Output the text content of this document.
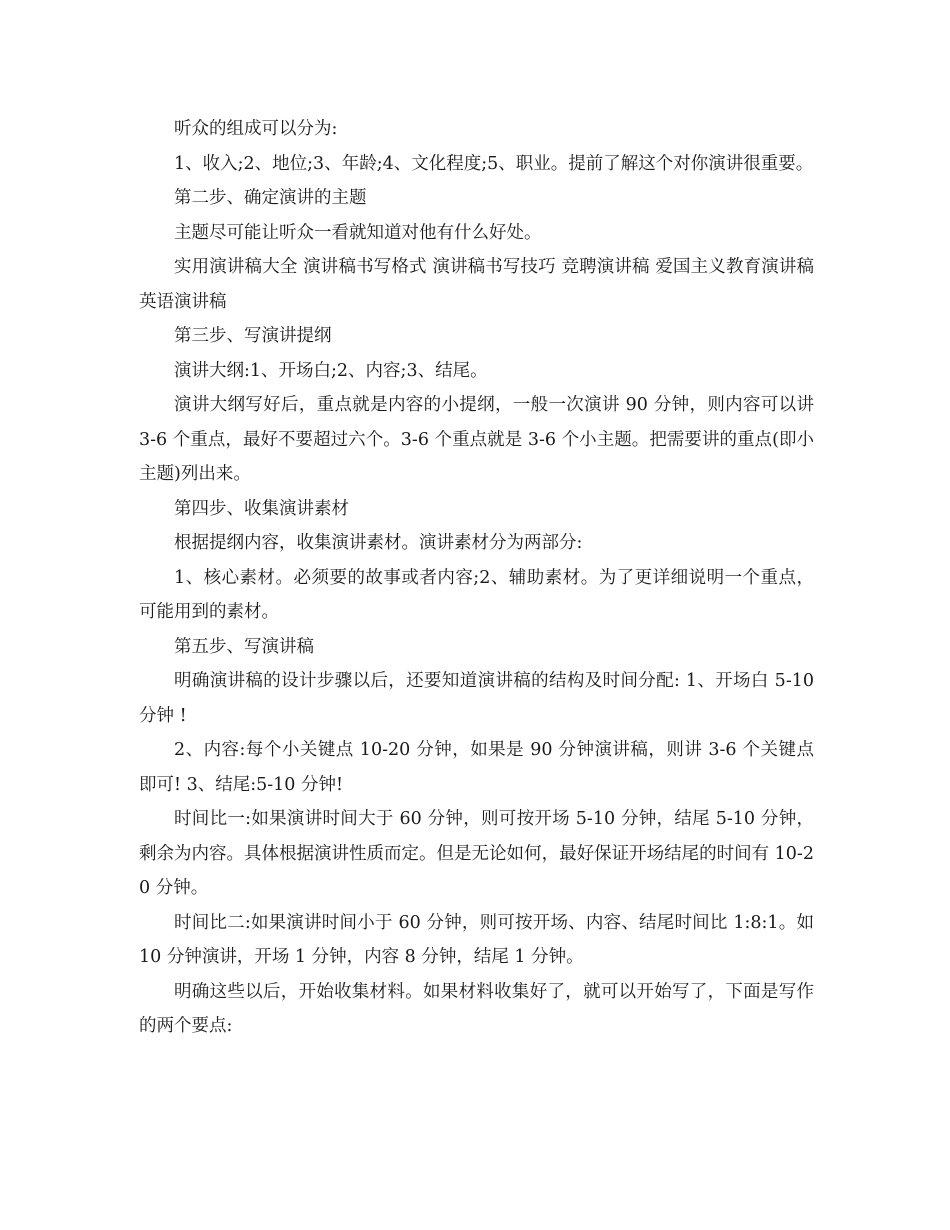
听众的组成可以分为:

1、收入;2、地位;3、年龄;4、文化程度;5、职业。提前了解这个对你演讲很重要。

第二步、确定演讲的主题

主题尽可能让听众一看就知道对他有什么好处。

实用演讲稿大全 演讲稿书写格式 演讲稿书写技巧 竞聘演讲稿 爱国主义教育演讲稿 英语演讲稿

第三步、写演讲提纲

演讲大纲:1、开场白;2、内容;3、结尾。

演讲大纲写好后，重点就是内容的小提纲，一般一次演讲 90 分钟，则内容可以讲 3-6 个重点，最好不要超过六个。3-6 个重点就是 3-6 个小主题。把需要讲的重点(即小主题)列出来。

第四步、收集演讲素材

根据提纲内容，收集演讲素材。演讲素材分为两部分:

1、核心素材。必须要的故事或者内容;2、辅助素材。为了更详细说明一个重点，可能用到的素材。

第五步、写演讲稿

明确演讲稿的设计步骤以后，还要知道演讲稿的结构及时间分配: 1、开场白 5-10 分钟 !

2、内容:每个小关键点 10-20 分钟，如果是 90 分钟演讲稿，则讲 3-6 个关键点即可! 3、结尾:5-10 分钟!

时间比一:如果演讲时间大于 60 分钟，则可按开场 5-10 分钟，结尾 5-10 分钟，剩余为内容。具体根据演讲性质而定。但是无论如何，最好保证开场结尾的时间有 10-20 分钟。

时间比二:如果演讲时间小于 60 分钟，则可按开场、内容、结尾时间比 1:8:1。如 10 分钟演讲，开场 1 分钟，内容 8 分钟，结尾 1 分钟。

明确这些以后，开始收集材料。如果材料收集好了，就可以开始写了，下面是写作的两个要点:
